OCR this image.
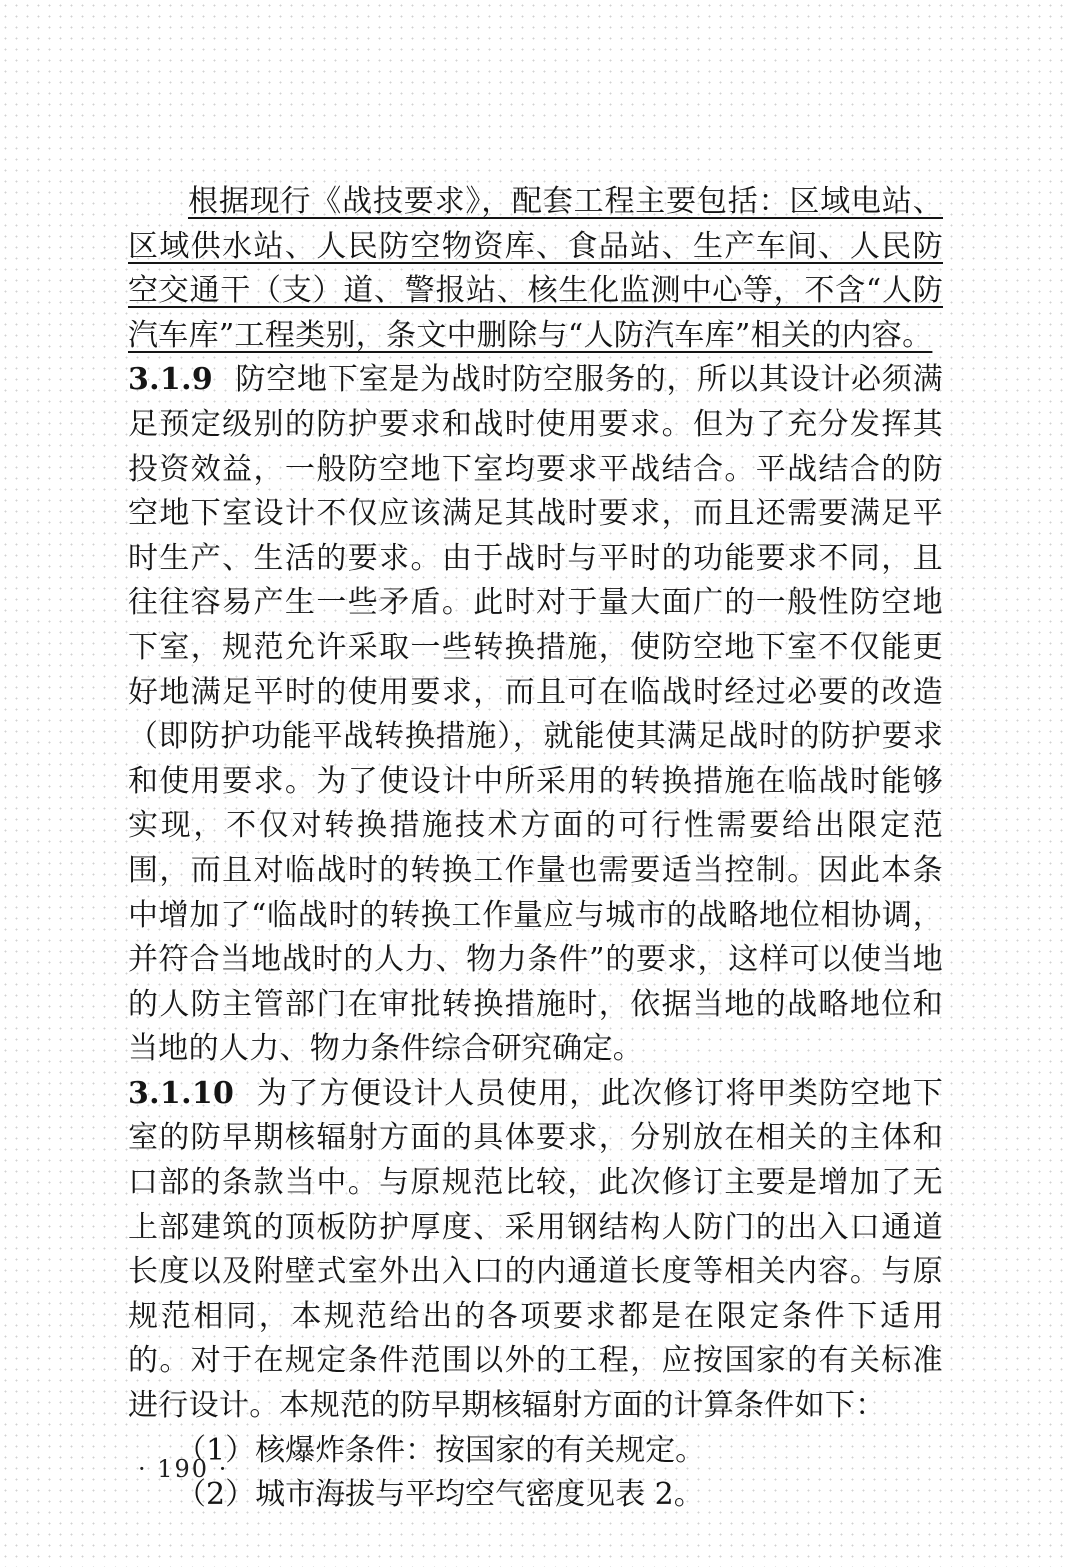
根据现行《战技要求》，配套工程主要包括：区域电站、区域供水站、人民防空物资库、食品站、生产车间、人民防空交通干（支）道、警报站、核生化监测中心等，不含“人防汽车库”工程类别，条文中删除与“人防汽车库”相关的内容。

3.1.9 防空地下室是为战时防空服务的，所以其设计必须满足预定级别的防护要求和战时使用要求。但为了充分发挥其投资效益，一般防空地下室均要求平战结合。平战结合的防空地下室设计不仅应该满足其战时要求，而且还需要满足平时生产、生活的要求。由于战时与平时的功能要求不同，且往往容易产生一些矛盾。此时对于量大面广的一般性防空地下室，规范允许采取一些转换措施，使防空地下室不仅能更好地满足平时的使用要求，而且可在临战时经过必要的改造（即防护功能平战转换措施），就能使其满足战时的防护要求和使用要求。为了使设计中所采用的转换措施在临战时能够实现，不仅对转换措施技术方面的可行性需要给出限定范围，而且对临战时的转换工作量也需要适当控制。因此本条中增加了“临战时的转换工作量应与城市的战略地位相协调，并符合当地战时的人力、物力条件”的要求，这样可以使当地的人防主管部门在审批转换措施时，依据当地的战略地位和当地的人力、物力条件综合研究确定。

3.1.10 为了方便设计人员使用，此次修订将甲类防空地下室的防早期核辐射方面的具体要求，分别放在相关的主体和口部的条款当中。与原规范比较，此次修订主要是增加了无上部建筑的顶板防护厚度、采用钢结构人防门的出入口通道长度以及附壁式室外出入口的内通道长度等相关内容。与原规范相同，本规范给出的各项要求都是在限定条件下适用的。对于在规定条件范围以外的工程，应按国家的有关标准进行设计。本规范的防早期核辐射方面的计算条件如下：

（1）核爆炸条件：按国家的有关规定。

（2）城市海拔与平均空气密度见表 2。

· 190 ·
